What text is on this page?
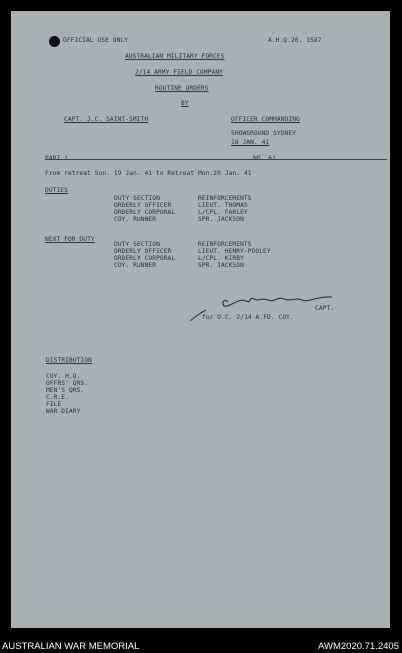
OFFICIAL USE ONLY	A.H.Q.20. 1587
AUSTRALIAN MILITARY FORCES
2/14 ARMY FIELD COMPANY
ROUTINE ORDERS
BY
CAPT. J.C. SAINT-SMITH	OFFICER COMMANDING
SHOWGROUND SYDNEY
18 JAN. 41
From retreat Sun. 19 Jan. 41 to Retreat Mon.20 Jan. 41
DUTIES
DUTY SECTION	REINFORCEMENTS
ORDERLY OFFICER	LIEUT. THOMAS
ORDERLY CORPORAL	L/CPL. FARLEY
COY. RUNNER	SPR. JACKSON
NEXT FOR DUTY
DUTY SECTION	REINFORCEMENTS
ORDERLY OFFICER	LIEUT. HENRY-POOLEY
ORDERLY CORPORAL	L/CPL. KIRBY
COY. RUNNER	SPR. JACKSON
CAPT.
for O.C. 2/14 A.FD. COY.
DISTRIBUTION
COY. H.Q.
OFFRS' QRS.
MEN'S QRS.
C.R.E.
FILE
WAR DIARY
AUSTRALIAN WAR MEMORIAL	AWM2020.71.2405
